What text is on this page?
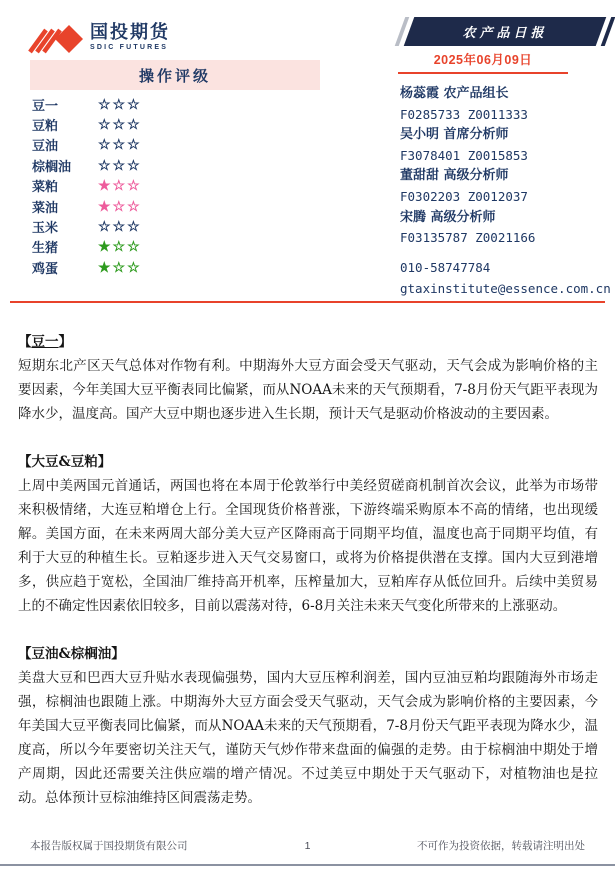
国投期货
SDIC FUTURES
农产品日报
2025年06月09日
操作评级
豆一	☆☆☆
豆粕	☆☆☆
豆油	☆☆☆
棕榈油	☆☆☆
菜粕	★☆☆
菜油	★☆☆
玉米	☆☆☆
生猪	★☆☆
鸡蛋	★☆☆
杨蕊霞 农产品组长
F0285733 Z0011333
吴小明 首席分析师
F3078401 Z0015853
董甜甜 高级分析师
F0302203 Z0012037
宋腾 高级分析师
F03135787 Z0021166
010-58747784
gtaxinstitute@essence.com.cn
【豆一】
短期东北产区天气总体对作物有利。中期海外大豆方面会受天气驱动，天气会成为影响价格的主要因素，今年美国大豆平衡表同比偏紧，而从NOAA未来的天气预期看，7-8月份天气距平表现为降水少，温度高。国产大豆中期也逐步进入生长期，预计天气是驱动价格波动的主要因素。
【大豆&豆粕】
上周中美两国元首通话，两国也将在本周于伦敦举行中美经贸磋商机制首次会议，此举为市场带来积极情绪，大连豆粕增仓上行。全国现货价格普涨，下游终端采购原本不高的情绪，也出现缓解。美国方面，在未来两周大部分美大豆产区降雨高于同期平均值，温度也高于同期平均值，有利于大豆的种植生长。豆粕逐步进入天气交易窗口，或将为价格提供潜在支撑。国内大豆到港增多，供应趋于宽松，全国油厂维持高开机率，压榨量加大，豆粕库存从低位回升。后续中美贸易上的不确定性因素依旧较多，目前以震荡对待，6-8月关注未来天气变化所带来的上涨驱动。
【豆油&棕榈油】
美盘大豆和巴西大豆升贴水表现偏强势，国内大豆压榨利润差，国内豆油豆粕均跟随海外市场走强，棕榈油也跟随上涨。中期海外大豆方面会受天气驱动，天气会成为影响价格的主要因素，今年美国大豆平衡表同比偏紧，而从NOAA未来的天气预期看，7-8月份天气距平表现为降水少，温度高，所以今年要密切关注天气，谨防天气炒作带来盘面的偏强的走势。由于棕榈油中期处于增产周期，因此还需要关注供应端的增产情况。不过美豆中期处于天气驱动下，对植物油也是拉动。总体预计豆棕油维持区间震荡走势。
本报告版权属于国投期货有限公司	1	不可作为投资依据，转载请注明出处
